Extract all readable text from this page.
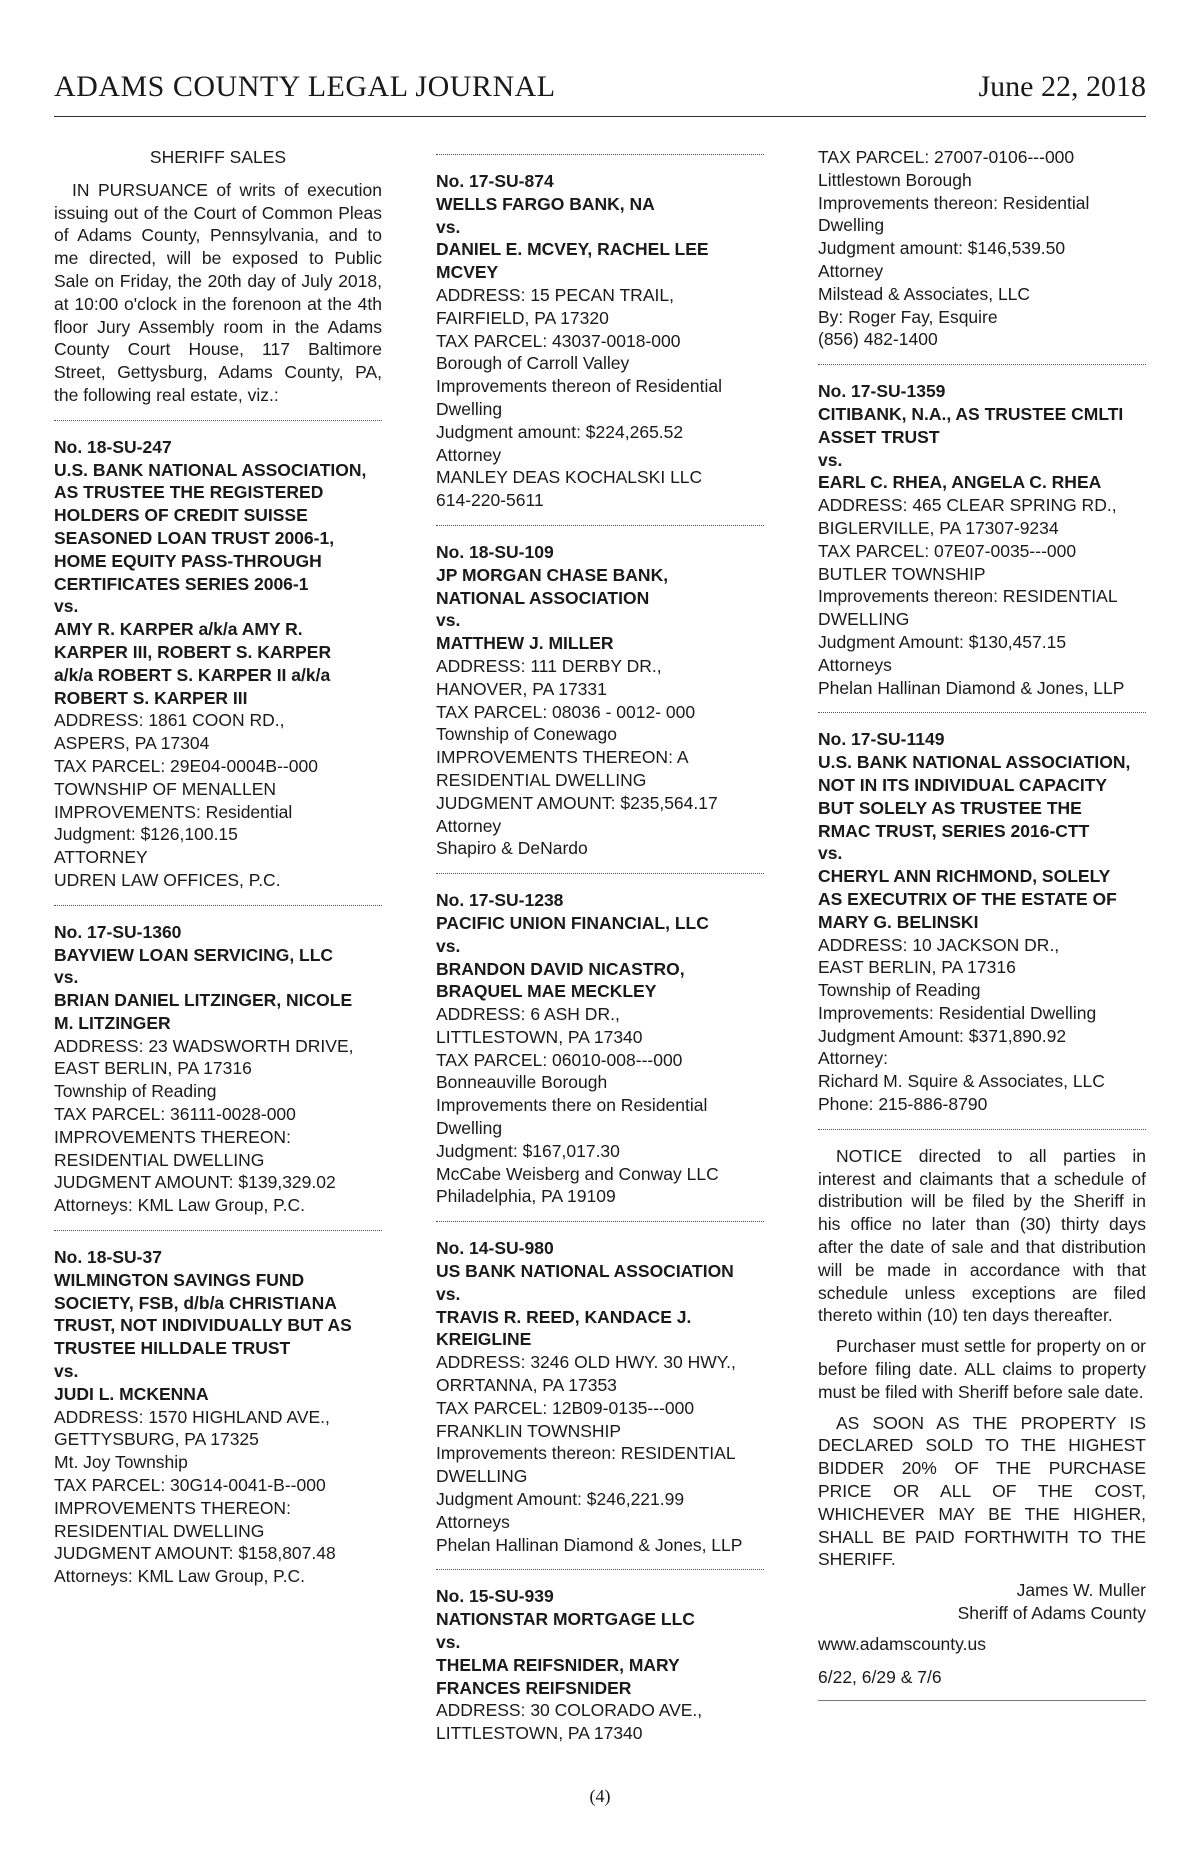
ADAMS COUNTY LEGAL JOURNAL	June 22, 2018
SHERIFF SALES
IN PURSUANCE of writs of execution issuing out of the Court of Common Pleas of Adams County, Pennsylvania, and to me directed, will be exposed to Public Sale on Friday, the 20th day of July 2018, at 10:00 o'clock in the forenoon at the 4th floor Jury Assembly room in the Adams County Court House, 117 Baltimore Street, Gettysburg, Adams County, PA, the following real estate, viz.:
No. 18-SU-247
U.S. BANK NATIONAL ASSOCIATION,
AS TRUSTEE THE REGISTERED
HOLDERS OF CREDIT SUISSE
SEASONED LOAN TRUST 2006-1,
HOME EQUITY PASS-THROUGH
CERTIFICATES SERIES 2006-1
vs.
AMY R. KARPER a/k/a AMY R.
KARPER III, ROBERT S. KARPER
a/k/a ROBERT S. KARPER II a/k/a
ROBERT S. KARPER III
ADDRESS: 1861 COON RD.,
ASPERS, PA 17304
TAX PARCEL: 29E04-0004B--000
TOWNSHIP OF MENALLEN
IMPROVEMENTS: Residential
Judgment: $126,100.15
ATTORNEY
UDREN LAW OFFICES, P.C.
No. 17-SU-1360
BAYVIEW LOAN SERVICING, LLC
vs.
BRIAN DANIEL LITZINGER, NICOLE
M. LITZINGER
ADDRESS: 23 WADSWORTH DRIVE,
EAST BERLIN, PA 17316
Township of Reading
TAX PARCEL: 36111-0028-000
IMPROVEMENTS THEREON:
RESIDENTIAL DWELLING
JUDGMENT AMOUNT: $139,329.02
Attorneys: KML Law Group, P.C.
No. 18-SU-37
WILMINGTON SAVINGS FUND
SOCIETY, FSB, d/b/a CHRISTIANA
TRUST, NOT INDIVIDUALLY BUT AS
TRUSTEE HILLDALE TRUST
vs.
JUDI L. MCKENNA
ADDRESS: 1570 HIGHLAND AVE.,
GETTYSBURG, PA 17325
Mt. Joy Township
TAX PARCEL: 30G14-0041-B--000
IMPROVEMENTS THEREON:
RESIDENTIAL DWELLING
JUDGMENT AMOUNT: $158,807.48
Attorneys: KML Law Group, P.C.
No. 17-SU-874
WELLS FARGO BANK, NA
vs.
DANIEL E. MCVEY, RACHEL LEE
MCVEY
ADDRESS: 15 PECAN TRAIL,
FAIRFIELD, PA 17320
TAX PARCEL: 43037-0018-000
Borough of Carroll Valley
Improvements thereon of Residential
Dwelling
Judgment amount: $224,265.52
Attorney
MANLEY DEAS KOCHALSKI LLC
614-220-5611
No. 18-SU-109
JP MORGAN CHASE BANK,
NATIONAL ASSOCIATION
vs.
MATTHEW J. MILLER
ADDRESS: 111 DERBY DR.,
HANOVER, PA 17331
TAX PARCEL: 08036 - 0012- 000
Township of Conewago
IMPROVEMENTS THEREON: A
RESIDENTIAL DWELLING
JUDGMENT AMOUNT: $235,564.17
Attorney
Shapiro & DeNardo
No. 17-SU-1238
PACIFIC UNION FINANCIAL, LLC
vs.
BRANDON DAVID NICASTRO,
BRAQUEL MAE MECKLEY
ADDRESS: 6 ASH DR.,
LITTLESTOWN, PA 17340
TAX PARCEL: 06010-008---000
Bonneauville Borough
Improvements there on Residential
Dwelling
Judgment: $167,017.30
McCabe Weisberg and Conway LLC
Philadelphia, PA 19109
No. 14-SU-980
US BANK NATIONAL ASSOCIATION
vs.
TRAVIS R. REED, KANDACE J.
KREIGLINE
ADDRESS: 3246 OLD HWY. 30 HWY.,
ORRTANNA, PA 17353
TAX PARCEL: 12B09-0135---000
FRANKLIN TOWNSHIP
Improvements thereon: RESIDENTIAL
DWELLING
Judgment Amount: $246,221.99
Attorneys
Phelan Hallinan Diamond & Jones, LLP
No. 15-SU-939
NATIONSTAR MORTGAGE LLC
vs.
THELMA REIFSNIDER, MARY
FRANCES REIFSNIDER
ADDRESS: 30 COLORADO AVE.,
LITTLESTOWN, PA 17340
TAX PARCEL: 27007-0106---000
Littlestown Borough
Improvements thereon: Residential
Dwelling
Judgment amount: $146,539.50
Attorney
Milstead & Associates, LLC
By: Roger Fay, Esquire
(856) 482-1400
No. 17-SU-1359
CITIBANK, N.A., AS TRUSTEE CMLTI
ASSET TRUST
vs.
EARL C. RHEA, ANGELA C. RHEA
ADDRESS: 465 CLEAR SPRING RD.,
BIGLERVILLE, PA 17307-9234
TAX PARCEL: 07E07-0035---000
BUTLER TOWNSHIP
Improvements thereon: RESIDENTIAL
DWELLING
Judgment Amount: $130,457.15
Attorneys
Phelan Hallinan Diamond & Jones, LLP
No. 17-SU-1149
U.S. BANK NATIONAL ASSOCIATION,
NOT IN ITS INDIVIDUAL CAPACITY
BUT SOLELY AS TRUSTEE THE
RMAC TRUST, SERIES 2016-CTT
vs.
CHERYL ANN RICHMOND, SOLELY
AS EXECUTRIX OF THE ESTATE OF
MARY G. BELINSKI
ADDRESS: 10 JACKSON DR.,
EAST BERLIN, PA 17316
Township of Reading
Improvements: Residential Dwelling
Judgment Amount: $371,890.92
Attorney:
Richard M. Squire & Associates, LLC
Phone: 215-886-8790

NOTICE directed to all parties in interest and claimants that a schedule of distribution will be filed by the Sheriff in his office no later than (30) thirty days after the date of sale and that distribution will be made in accordance with that schedule unless exceptions are filed thereto within (10) ten days thereafter.

Purchaser must settle for property on or before filing date. ALL claims to property must be filed with Sheriff before sale date.

AS SOON AS THE PROPERTY IS DECLARED SOLD TO THE HIGHEST BIDDER 20% OF THE PURCHASE PRICE OR ALL OF THE COST, WHICHEVER MAY BE THE HIGHER, SHALL BE PAID FORTHWITH TO THE SHERIFF.

James W. Muller
Sheriff of Adams County
www.adamscounty.us
6/22, 6/29 & 7/6
(4)
